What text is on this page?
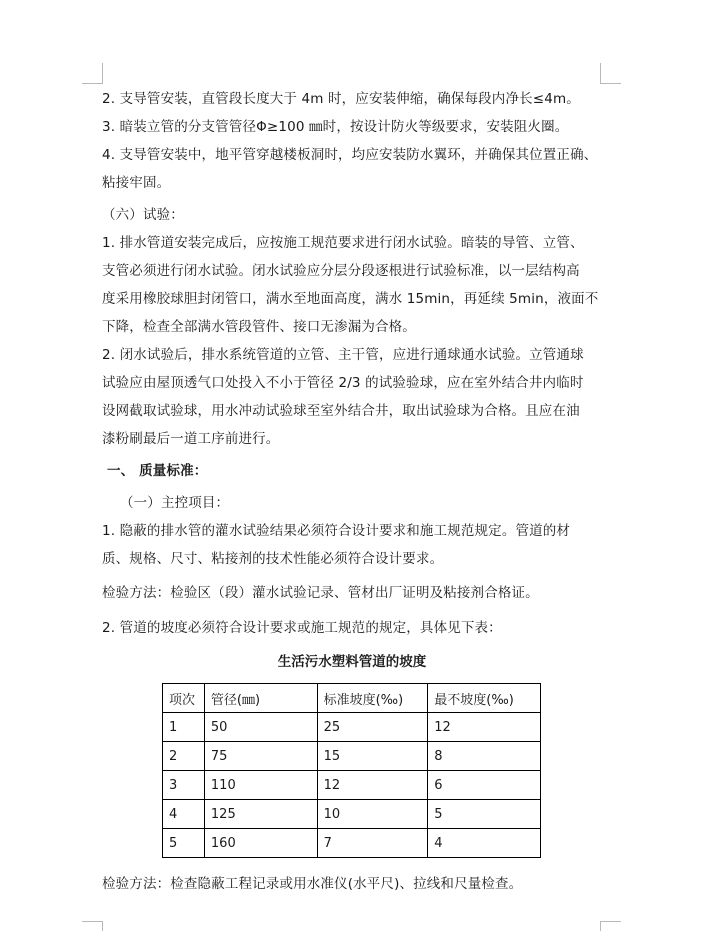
2. 支导管安装，直管段长度大于 4m 时，应安装伸缩，确保每段内净长≤4m。
3. 暗装立管的分支管管径Φ≥100 ㎜时，按设计防火等级要求，安装阻火圈。
4. 支导管安装中，地平管穿越楼板洞时，均应安装防水翼环，并确保其位置正确、
粘接牢固。
（六）试验：
1. 排水管道安装完成后，应按施工规范要求进行闭水试验。暗装的导管、立管、
支管必须进行闭水试验。闭水试验应分层分段逐根进行试验标准，以一层结构高
度采用橡胶球胆封闭管口，满水至地面高度，满水 15min，再延续 5min，液面不
下降，检查全部满水管段管件、接口无渗漏为合格。
2. 闭水试验后，排水系统管道的立管、主干管，应进行通球通水试验。立管通球
试验应由屋顶透气口处投入不小于管径 2/3 的试验验球，应在室外结合井内临时
设网截取试验球，用水冲动试验球至室外结合井，取出试验球为合格。且应在油
漆粉刷最后一道工序前进行。
一、 质量标准：
（一）主控项目：
1. 隐蔽的排水管的灌水试验结果必须符合设计要求和施工规范规定。管道的材
质、规格、尺寸、粘接剂的技术性能必须符合设计要求。
检验方法：检验区（段）灌水试验记录、管材出厂证明及粘接剂合格证。
2. 管道的坡度必须符合设计要求或施工规范的规定，具体见下表：
生活污水塑料管道的坡度
项次	管径(㎜)	标准坡度(‰)	最不坡度(‰)
1	50	25	12
2	75	15	8
3	110	12	6
4	125	10	5
5	160	7	4
检验方法：检查隐蔽工程记录或用水准仪(水平尺)、拉线和尺量检查。
